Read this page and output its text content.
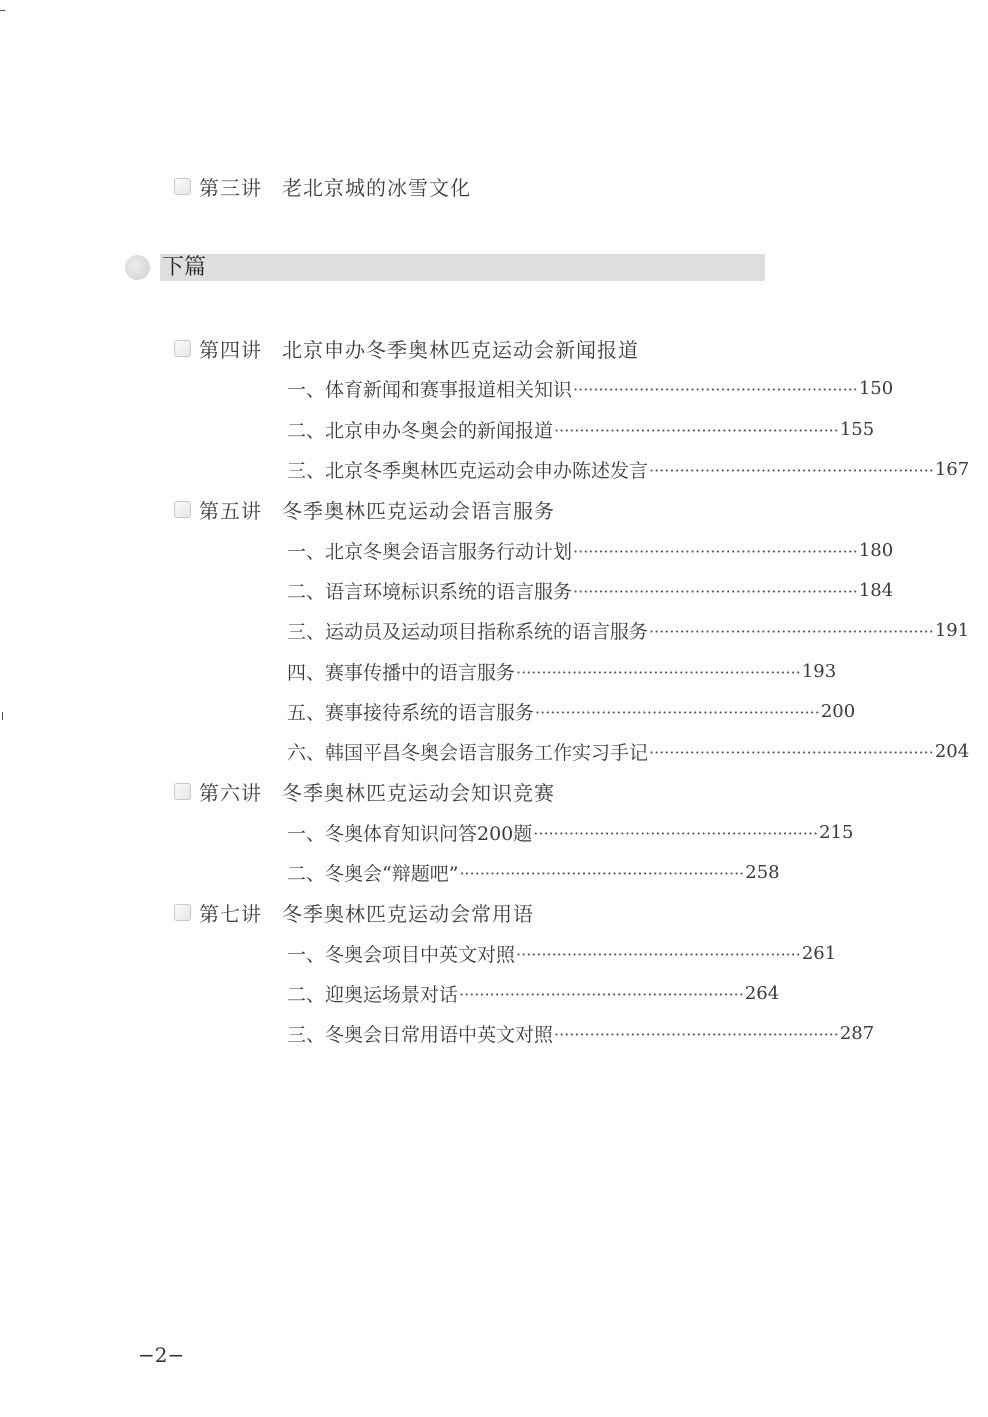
第三讲 老北京城的冰雪文化
下篇
第四讲 北京申办冬季奥林匹克运动会新闻报道
一、体育新闻和赛事报道相关知识 ························································ 150
二、北京申办冬奥会的新闻报道 ························································ 155
三、北京冬季奥林匹克运动会申办陈述发言 ························································ 167
第五讲 冬季奥林匹克运动会语言服务
一、北京冬奥会语言服务行动计划 ························································ 180
二、语言环境标识系统的语言服务 ························································ 184
三、运动员及运动项目指称系统的语言服务 ························································ 191
四、赛事传播中的语言服务 ························································ 193
五、赛事接待系统的语言服务 ························································ 200
六、韩国平昌冬奥会语言服务工作实习手记 ························································ 204
第六讲 冬季奥林匹克运动会知识竞赛
一、冬奥体育知识问答200题 ························································ 215
二、冬奥会“辩题吧” ························································ 258
第七讲 冬季奥林匹克运动会常用语
一、冬奥会项目中英文对照 ························································ 261
二、迎奥运场景对话 ························································ 264
三、冬奥会日常用语中英文对照 ························································ 287
−2−
